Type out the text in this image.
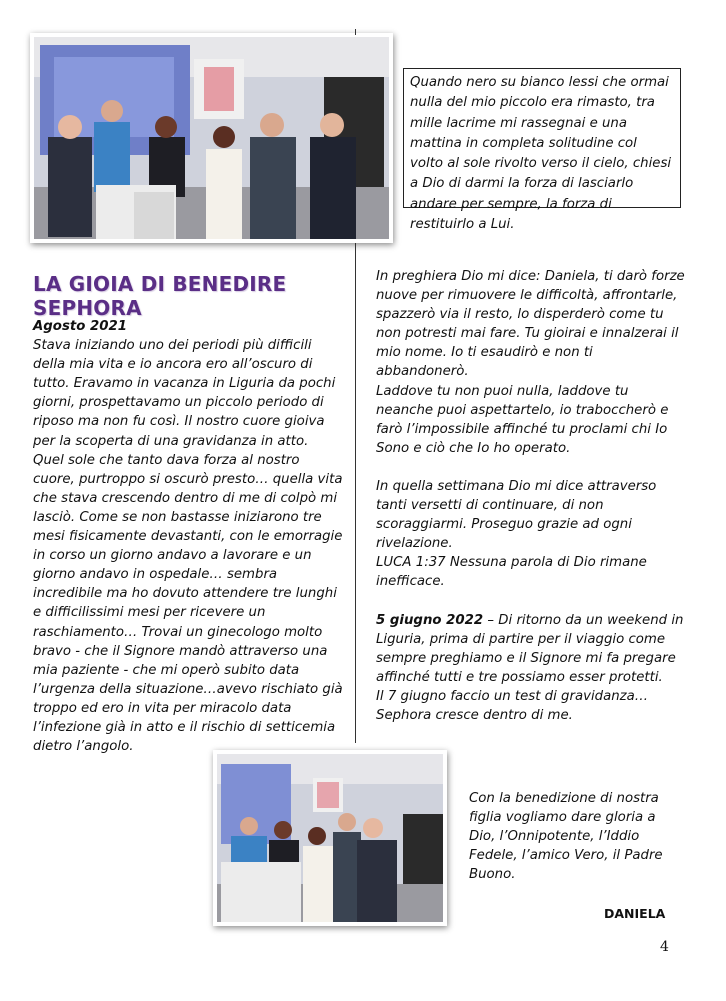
Quando nero su bianco lessi che ormai nulla del mio piccolo era rimasto, tra mille lacrime mi rassegnai e una mattina in completa solitudine col volto al sole rivolto verso il cielo, chiesi a Dio di darmi la forza di lasciarlo andare per sempre, la forza di restituirlo a Lui.
LA GIOIA DI BENEDIRE SEPHORA

Agosto 2021

Stava iniziando uno dei periodi più difficili della mia vita e io ancora ero all’oscuro di tutto. Eravamo in vacanza in Liguria da pochi giorni, prospettavamo un piccolo periodo di riposo ma non fu così. Il nostro cuore gioiva per la scoperta di una gravidanza in atto. Quel sole che tanto dava forza al nostro cuore, purtroppo si oscurò presto… quella vita che stava crescendo dentro di me di colpò mi lasciò. Come se non bastasse iniziarono tre mesi fisicamente devastanti, con le emorragie in corso un giorno andavo a lavorare e un giorno andavo in ospedale… sembra incredibile ma ho dovuto attendere tre lunghi e difficilissimi mesi per ricevere un raschiamento… Trovai un ginecologo molto bravo - che il Signore mandò attraverso una mia paziente - che mi operò subito data l’urgenza della situazione…avevo rischiato già troppo ed ero in vita per miracolo data l’infezione già in atto e il rischio di setticemia dietro l’angolo.

In preghiera Dio mi dice: Daniela, ti darò forze nuove per rimuovere le difficoltà, affrontarle, spazzerò via il resto, lo disperderò come tu non potresti mai fare. Tu gioirai e innalzerai il mio nome. Io ti esaudirò e non ti abbandonerò.

Laddove tu non puoi nulla, laddove tu neanche puoi aspettartelo, io traboccherò e farò l’impossibile affinché tu proclami chi Io Sono e ciò che Io ho operato.

In quella settimana Dio mi dice attraverso tanti versetti di continuare, di non scoraggiarmi. Proseguo grazie ad ogni rivelazione.

LUCA 1:37 Nessuna parola di Dio rimane inefficace.

5 giugno 2022 – Di ritorno da un weekend in Liguria, prima di partire per il viaggio come sempre preghiamo e il Signore mi fa pregare affinché tutti e tre possiamo esser protetti.

Il 7 giugno faccio un test di gravidanza…

Sephora cresce dentro di me.

Con la benedizione di nostra figlia vogliamo dare gloria a Dio, l’Onnipotente, l’Iddio Fedele, l’amico Vero, il Padre Buono.

DANIELA
4
